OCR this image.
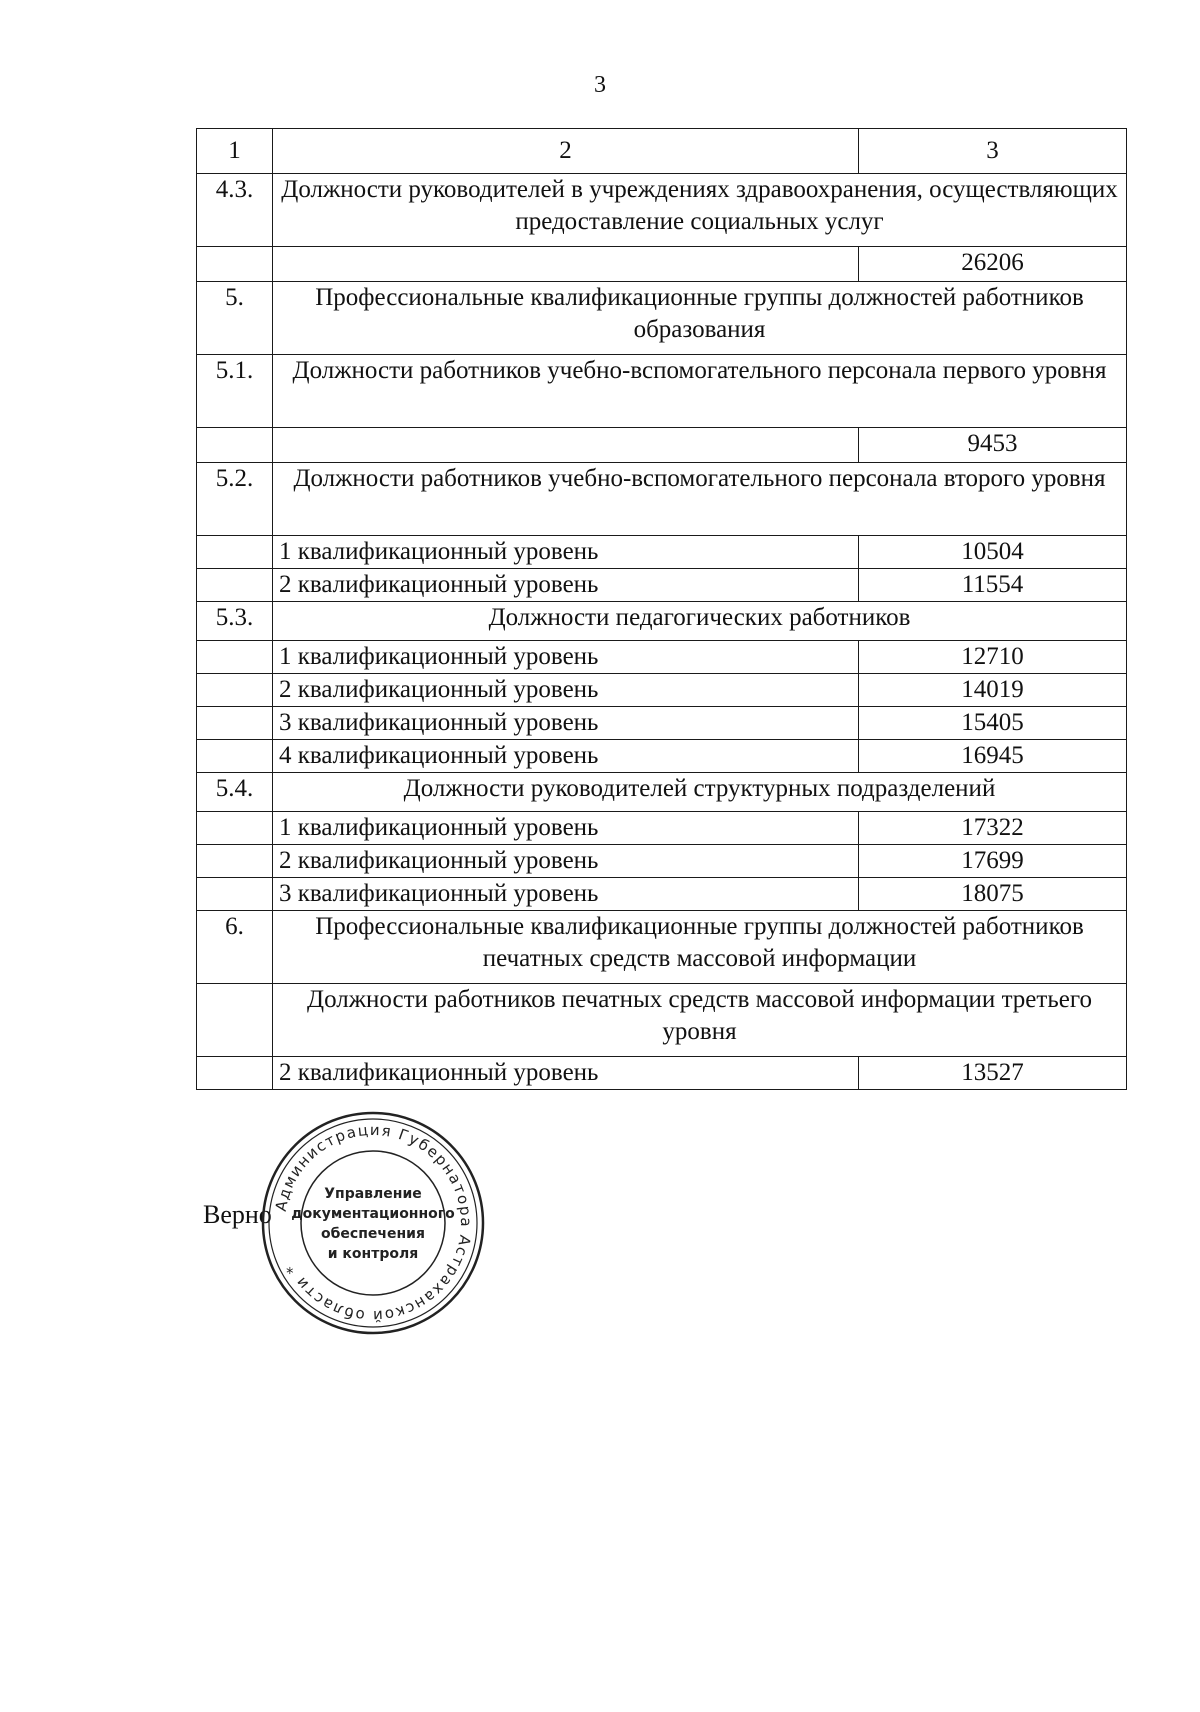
3
1	2	3
4.3.	Должности руководителей в учреждениях здравоохранения, осуществляющих предоставление социальных услуг	
		26206
5.	Профессиональные квалификационные группы должностей работников образования	
5.1.	Должности работников учебно-вспомогательного персонала первого уровня	
		9453
5.2.	Должности работников учебно-вспомогательного персонала второго уровня	
	1 квалификационный уровень	10504
	2 квалификационный уровень	11554
5.3.	Должности педагогических работников	
	1 квалификационный уровень	12710
	2 квалификационный уровень	14019
	3 квалификационный уровень	15405
	4 квалификационный уровень	16945
5.4.	Должности руководителей структурных подразделений	
	1 квалификационный уровень	17322
	2 квалификационный уровень	17699
	3 квалификационный уровень	18075
6.	Профессиональные квалификационные группы должностей работников печатных средств массовой информации	
	Должности работников печатных средств массовой информации третьего уровня	
	2 квалификационный уровень	13527
Верно Администрация Губернатора Астраханской области *
Управление
документационного
обеспечения
и контроля
